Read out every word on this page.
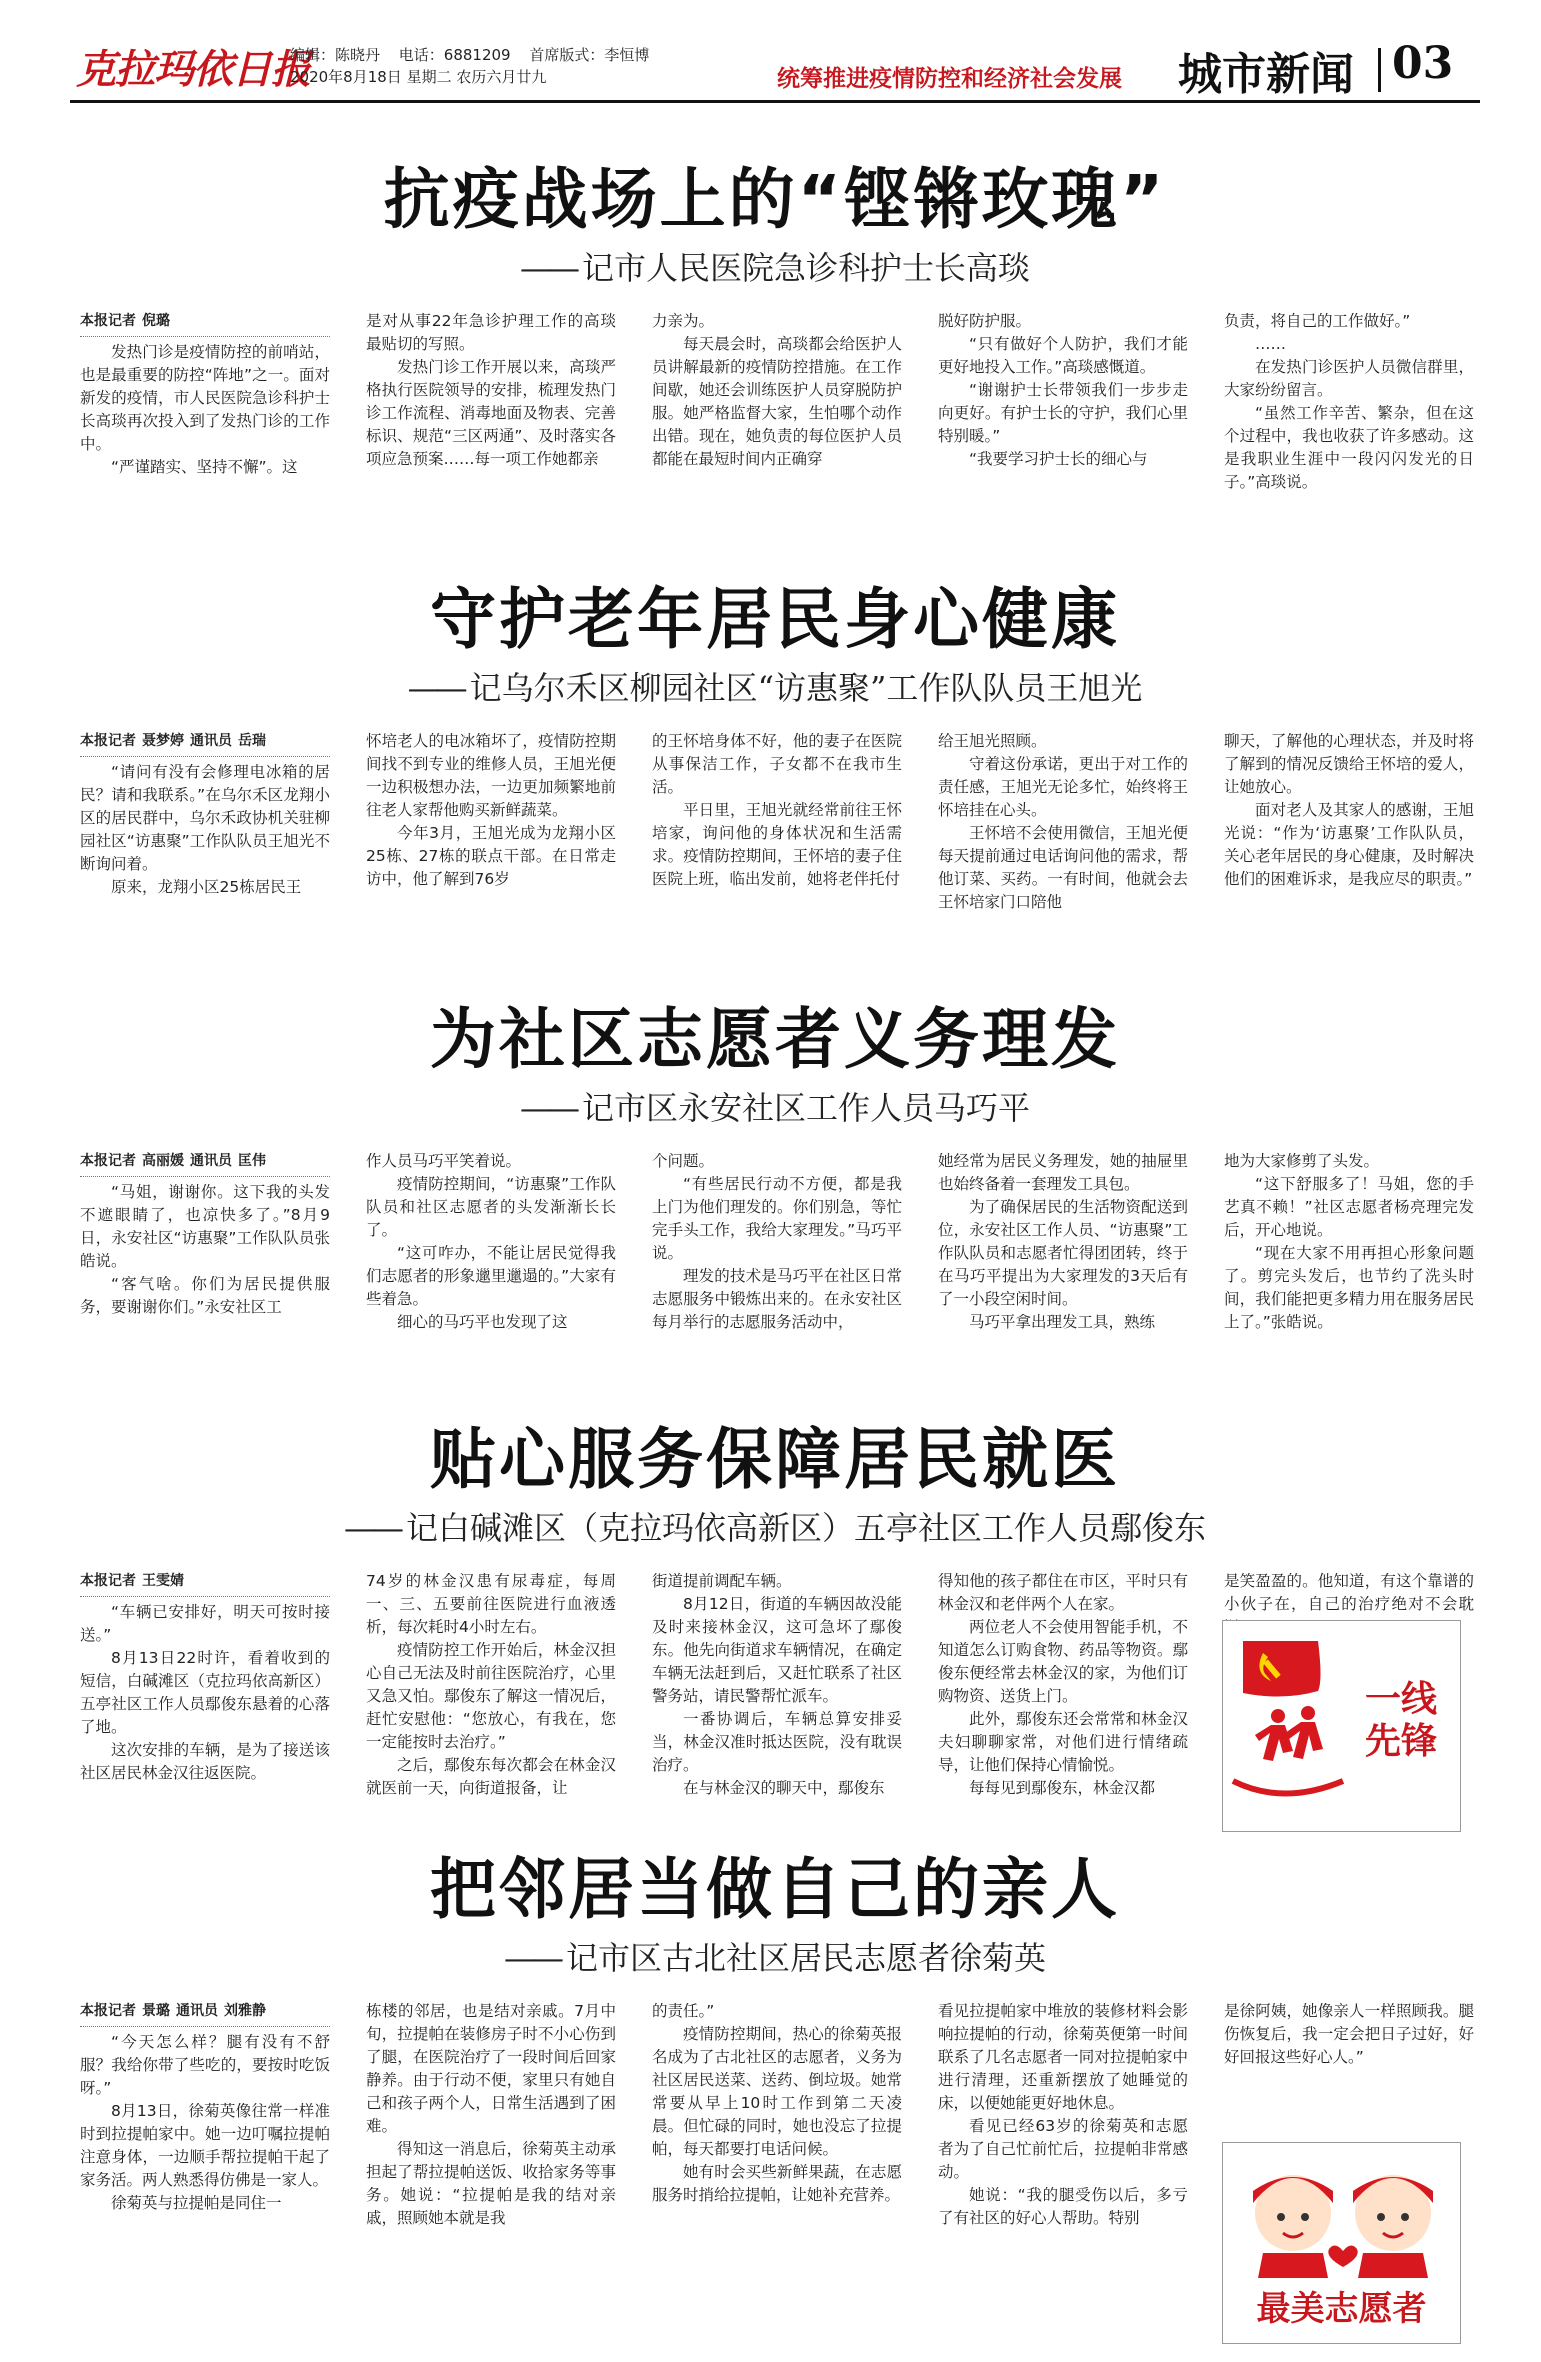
克拉玛依日报
编辑：陈晓丹 电话：6881209 首席版式：李恒博
2020年8月18日 星期二 农历六月廿九	统筹推进疫情防控和经济社会发展 城市新闻 03
抗疫战场上的“铿锵玫瑰”
—— 记市人民医院急诊科护士长高琰

本报记者 倪璐

发热门诊是疫情防控的前哨站，也是最重要的防控“阵地”之一。面对新发的疫情，市人民医院急诊科护士长高琰再次投入到了发热门诊的工作中。

“严谨踏实、坚持不懈”。这

是对从事22年急诊护理工作的高琰最贴切的写照。

发热门诊工作开展以来，高琰严格执行医院领导的安排，梳理发热门诊工作流程、消毒地面及物表、完善标识、规范“三区两通”、及时落实各项应急预案……每一项工作她都亲

力亲为。

每天晨会时，高琰都会给医护人员讲解最新的疫情防控措施。在工作间歇，她还会训练医护人员穿脱防护服。她严格监督大家，生怕哪个动作出错。现在，她负责的每位医护人员都能在最短时间内正确穿

脱好防护服。

“只有做好个人防护，我们才能更好地投入工作。”高琰感慨道。

“谢谢护士长带领我们一步步走向更好。有护士长的守护，我们心里特别暖。”

“我要学习护士长的细心与

负责，将自己的工作做好。”

……

在发热门诊医护人员微信群里，大家纷纷留言。

“虽然工作辛苦、繁杂，但在这个过程中，我也收获了许多感动。这是我职业生涯中一段闪闪发光的日子。”高琰说。

守护老年居民身心健康
—— 记乌尔禾区柳园社区“访惠聚”工作队队员王旭光

本报记者 聂梦婷 通讯员 岳瑞

“请问有没有会修理电冰箱的居民？请和我联系。”在乌尔禾区龙翔小区的居民群中，乌尔禾政协机关驻柳园社区“访惠聚”工作队队员王旭光不断询问着。

原来，龙翔小区25栋居民王

怀培老人的电冰箱坏了，疫情防控期间找不到专业的维修人员，王旭光便一边积极想办法，一边更加频繁地前往老人家帮他购买新鲜蔬菜。

今年3月，王旭光成为龙翔小区25栋、27栋的联点干部。在日常走访中，他了解到76岁

的王怀培身体不好，他的妻子在医院从事保洁工作，子女都不在我市生活。

平日里，王旭光就经常前往王怀培家，询问他的身体状况和生活需求。疫情防控期间，王怀培的妻子住医院上班，临出发前，她将老伴托付

给王旭光照顾。

守着这份承诺，更出于对工作的责任感，王旭光无论多忙，始终将王怀培挂在心头。

王怀培不会使用微信，王旭光便每天提前通过电话询问他的需求，帮他订菜、买药。一有时间，他就会去王怀培家门口陪他

聊天，了解他的心理状态，并及时将了解到的情况反馈给王怀培的爱人，让她放心。

面对老人及其家人的感谢，王旭光说：“作为‘访惠聚’工作队队员，关心老年居民的身心健康，及时解决他们的困难诉求，是我应尽的职责。”

为社区志愿者义务理发
—— 记市区永安社区工作人员马巧平

本报记者 高丽媛 通讯员 匡伟

“马姐，谢谢你。这下我的头发不遮眼睛了，也凉快多了。”8月9日，永安社区“访惠聚”工作队队员张皓说。

“客气啥。你们为居民提供服务，要谢谢你们。”永安社区工

作人员马巧平笑着说。

疫情防控期间，“访惠聚”工作队队员和社区志愿者的头发渐渐长长了。

“这可咋办，不能让居民觉得我们志愿者的形象邋里邋遢的。”大家有些着急。

细心的马巧平也发现了这

个问题。

“有些居民行动不方便，都是我上门为他们理发的。你们别急，等忙完手头工作，我给大家理发。”马巧平说。

理发的技术是马巧平在社区日常志愿服务中锻炼出来的。在永安社区每月举行的志愿服务活动中，

她经常为居民义务理发，她的抽屉里也始终备着一套理发工具包。

为了确保居民的生活物资配送到位，永安社区工作人员、“访惠聚”工作队队员和志愿者忙得团团转，终于在马巧平提出为大家理发的3天后有了一小段空闲时间。

马巧平拿出理发工具，熟练

地为大家修剪了头发。

“这下舒服多了！马姐，您的手艺真不赖！”社区志愿者杨亮理完发后，开心地说。

“现在大家不用再担心形象问题了。剪完头发后，也节约了洗头时间，我们能把更多精力用在服务居民上了。”张皓说。

贴心服务保障居民就医
—— 记白碱滩区（克拉玛依高新区）五亭社区工作人员鄢俊东

本报记者 王雯婧

“车辆已安排好，明天可按时接送。”

8月13日22时许，看着收到的短信，白碱滩区（克拉玛依高新区）五亭社区工作人员鄢俊东悬着的心落了地。

这次安排的车辆，是为了接送该社区居民林金汉往返医院。

74岁的林金汉患有尿毒症，每周一、三、五要前往医院进行血液透析，每次耗时4小时左右。

疫情防控工作开始后，林金汉担心自己无法及时前往医院治疗，心里又急又怕。鄢俊东了解这一情况后，赶忙安慰他：“您放心，有我在，您一定能按时去治疗。”

之后，鄢俊东每次都会在林金汉就医前一天，向街道报备，让

街道提前调配车辆。

8月12日，街道的车辆因故没能及时来接林金汉，这可急坏了鄢俊东。他先向街道求车辆情况，在确定车辆无法赶到后，又赶忙联系了社区警务站，请民警帮忙派车。

一番协调后，车辆总算安排妥当，林金汉准时抵达医院，没有耽误治疗。

在与林金汉的聊天中，鄢俊东

得知他的孩子都住在市区，平时只有林金汉和老伴两个人在家。

两位老人不会使用智能手机，不知道怎么订购食物、药品等物资。鄢俊东便经常去林金汉的家，为他们订购物资、送货上门。

此外，鄢俊东还会常常和林金汉夫妇聊聊家常，对他们进行情绪疏导，让他们保持心情愉悦。

每每见到鄢俊东，林金汉都

是笑盈盈的。他知道，有这个靠谱的小伙子在，自己的治疗绝对不会耽

把邻居当做自己的亲人
—— 记市区古北社区居民志愿者徐菊英

本报记者 景璐 通讯员 刘雅静

“今天怎么样？腿有没有不舒服？我给你带了些吃的，要按时吃饭呀。”

8月13日，徐菊英像往常一样准时到拉提帕家中。她一边叮嘱拉提帕注意身体，一边顺手帮拉提帕干起了家务活。两人熟悉得仿佛是一家人。

徐菊英与拉提帕是同住一

栋楼的邻居，也是结对亲戚。7月中旬，拉提帕在装修房子时不小心伤到了腿，在医院治疗了一段时间后回家静养。由于行动不便，家里只有她自己和孩子两个人，日常生活遇到了困难。

得知这一消息后，徐菊英主动承担起了帮拉提帕送饭、收拾家务等事务。她说：“拉提帕是我的结对亲戚，照顾她本就是我

的责任。”

疫情防控期间，热心的徐菊英报名成为了古北社区的志愿者，义务为社区居民送菜、送药、倒垃圾。她常常要从早上10时工作到第二天凌晨。但忙碌的同时，她也没忘了拉提帕，每天都要打电话问候。

她有时会买些新鲜果蔬，在志愿服务时捎给拉提帕，让她补充营养。

看见拉提帕家中堆放的装修材料会影响拉提帕的行动，徐菊英便第一时间联系了几名志愿者一同对拉提帕家中进行清理，还重新摆放了她睡觉的床，以便她能更好地休息。

看见已经63岁的徐菊英和志愿者为了自己忙前忙后，拉提帕非常感动。

她说：“我的腿受伤以后，多亏了有社区的好心人帮助。特别

是徐阿姨，她像亲人一样照顾我。腿伤恢复后，我一定会把日子过好，好好回报这些好心人。”

一线先锋
最美志愿者
